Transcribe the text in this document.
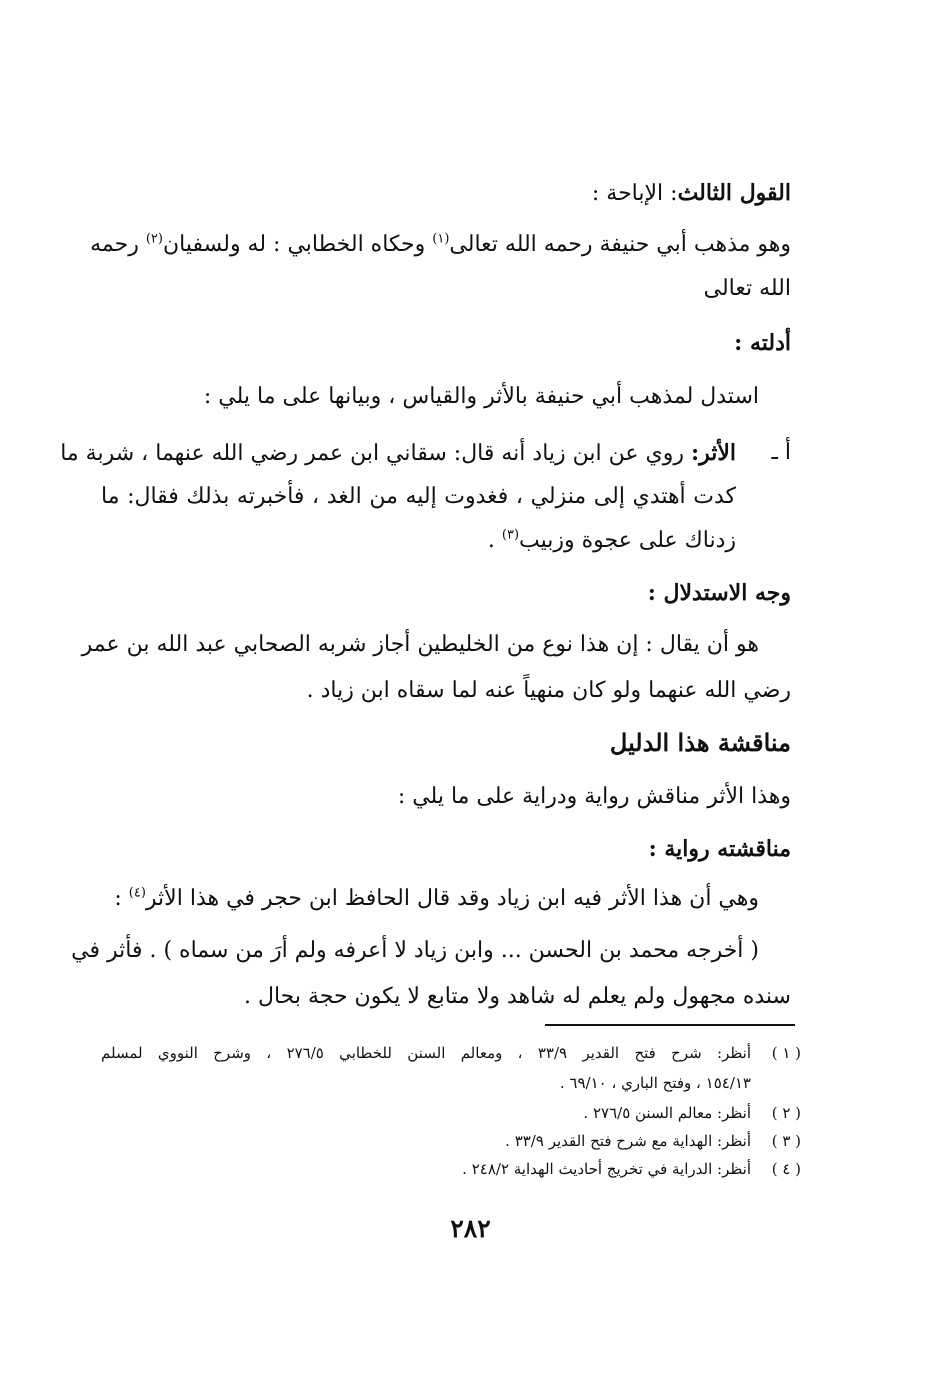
القول الثالث: الإباحة :
وهو مذهب أبي حنيفة رحمه الله تعالى$^{(١)}$ وحكاه الخطابي : له ولسفيان$^{(٢)}$ رحمه
الله تعالى
أدلته :
استدل لمذهب أبي حنيفة بالأثر والقياس ، وبيانها على ما يلي :
أ ـ
الأثر: روي عن ابن زياد أنه قال: سقاني ابن عمر رضي الله عنهما ، شربة ما
كدت أهتدي إلى منزلي ، فغدوت إليه من الغد ، فأخبرته بذلك فقال: ما
زدناك على عجوة وزبيب$^{(٣)}$ .
وجه الاستدلال :
هو أن يقال : إن هذا نوع من الخليطين أجاز شربه الصحابي عبد الله بن عمر
رضي الله عنهما ولو كان منهياً عنه لما سقاه ابن زياد .
مناقشة هذا الدليل
وهذا الأثر مناقش رواية ودراية على ما يلي :
مناقشته رواية :
وهي أن هذا الأثر فيه ابن زياد وقد قال الحافظ ابن حجر في هذا الأثر$^{(٤)}$ :
( أخرجه محمد بن الحسن ... وابن زياد لا أعرفه ولم أرَ من سماه ) . فأثر في
سنده مجهول ولم يعلم له شاهد ولا متابع لا يكون حجة بحال .
( ١ )
أنظر: شرح فتح القدير ٣٣/٩ ، ومعالم السنن للخطابي ٢٧٦/٥ ، وشرح النووي لمسلم
١٥٤/١٣ ، وفتح الباري ، ٦٩/١٠ .
( ٢ )
أنظر: معالم السنن ٢٧٦/٥ .
( ٣ )
أنظر: الهداية مع شرح فتح القدير ٣٣/٩ .
( ٤ )
أنظر: الدراية في تخريج أحاديث الهداية ٢٤٨/٢ .
٢٨٢
